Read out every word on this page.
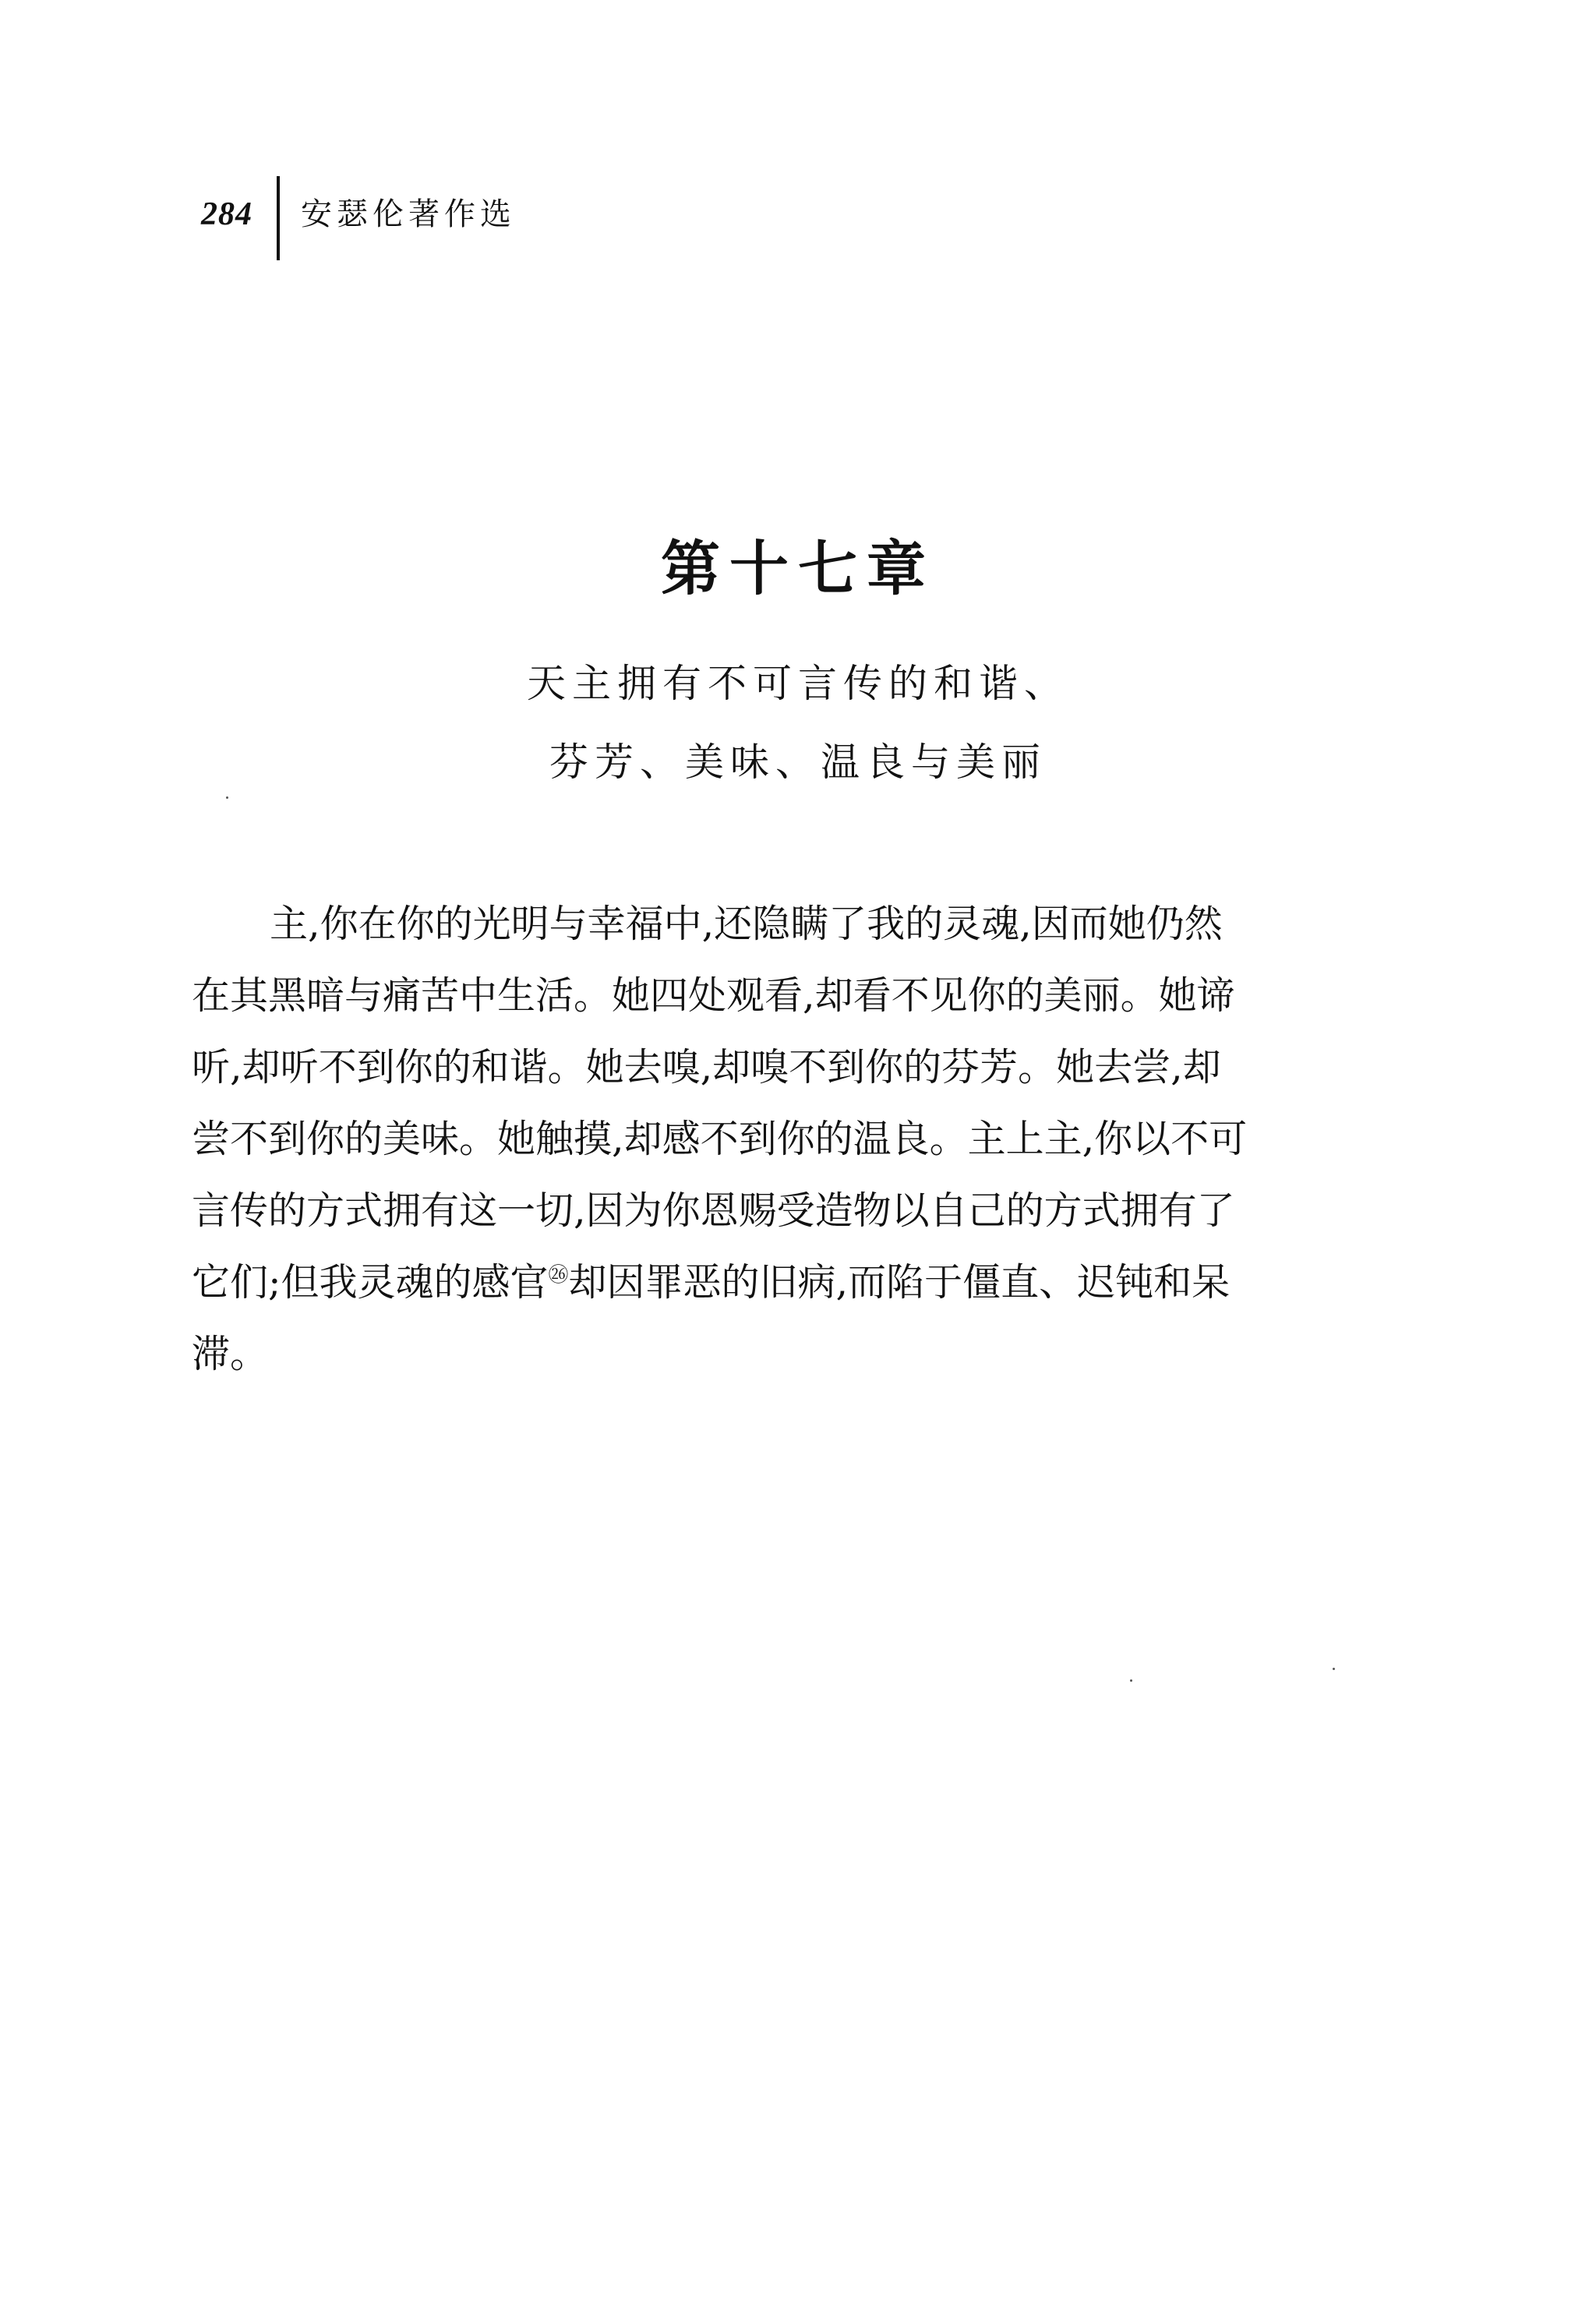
284 安瑟伦著作选
第十七章
天主拥有不可言传的和谐、
芬芳、美味、温良与美丽
主,你在你的光明与幸福中,还隐瞒了我的灵魂,因而她仍然
在其黑暗与痛苦中生活。她四处观看,却看不见你的美丽。她谛
听,却听不到你的和谐。她去嗅,却嗅不到你的芬芳。她去尝,却
尝不到你的美味。她触摸,却感不到你的温良。主上主,你以不可
言传的方式拥有这一切,因为你恩赐受造物以自己的方式拥有了
它们;但我灵魂的感官$^㉖$却因罪恶的旧病,而陷于僵直、迟钝和呆
滞。
